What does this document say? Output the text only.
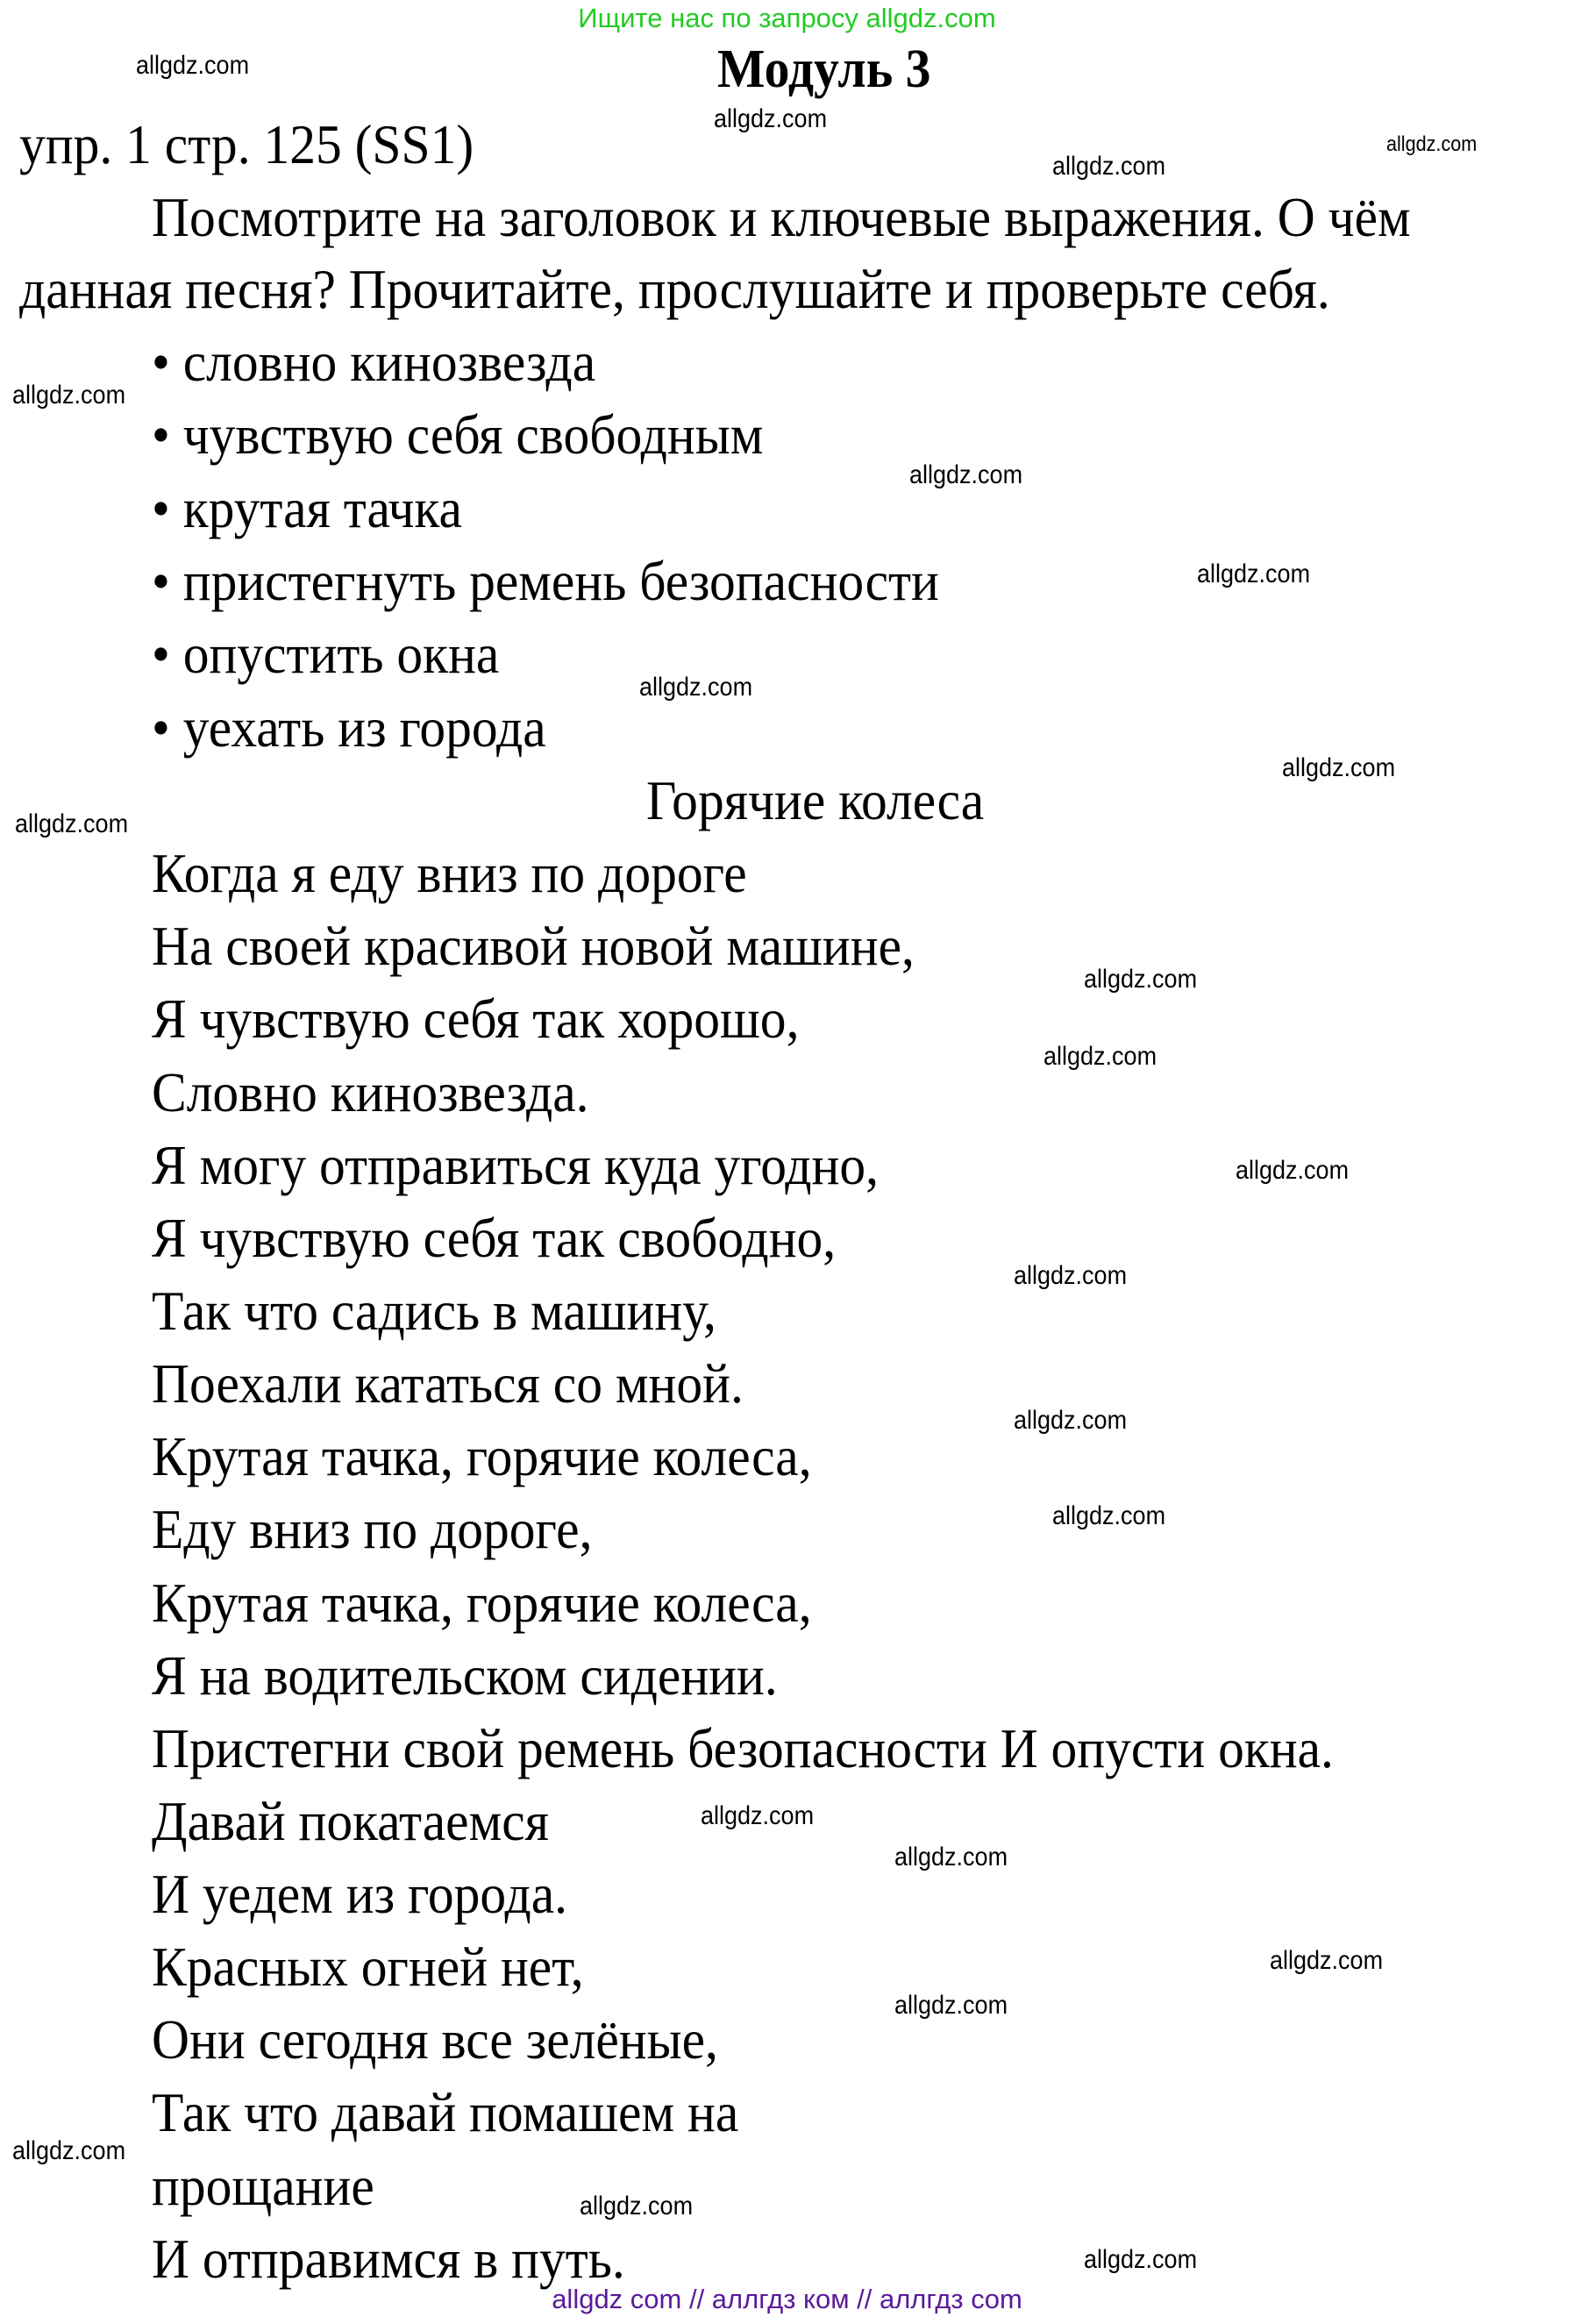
Ищите нас по запросу allgdz.com
Модуль 3
упр. 1 стр. 125 (SS1)
Посмотрите на заголовок и ключевые выражения. О чём
данная песня? Прочитайте, прослушайте и проверьте себя.
• словно кинозвезда
• чувствую себя свободным
• крутая тачка
• пристегнуть ремень безопасности
• опустить окна
• уехать из города
Горячие колеса
Когда я еду вниз по дороге
На своей красивой новой машине,
Я чувствую себя так хорошо,
Словно кинозвезда.
Я могу отправиться куда угодно,
Я чувствую себя так свободно,
Так что садись в машину,
Поехали кататься со мной.
Крутая тачка, горячие колеса,
Еду вниз по дороге,
Крутая тачка, горячие колеса,
Я на водительском сидении.
Пристегни свой ремень безопасности И опусти окна.
Давай покатаемся
И уедем из города.
Красных огней нет,
Они сегодня все зелёные,
Так что давай помашем на
прощание
И отправимся в путь.
allgdz.com
allgdz.com
allgdz.com
allgdz.com
allgdz.com
allgdz.com
allgdz.com
allgdz.com
allgdz.com
allgdz.com
allgdz.com
allgdz.com
allgdz.com
allgdz.com
allgdz.com
allgdz.com
allgdz.com
allgdz.com
allgdz.com
allgdz.com
allgdz.com
allgdz.com
allgdz.com
allgdz com // аллгдз ком // аллгдз com
